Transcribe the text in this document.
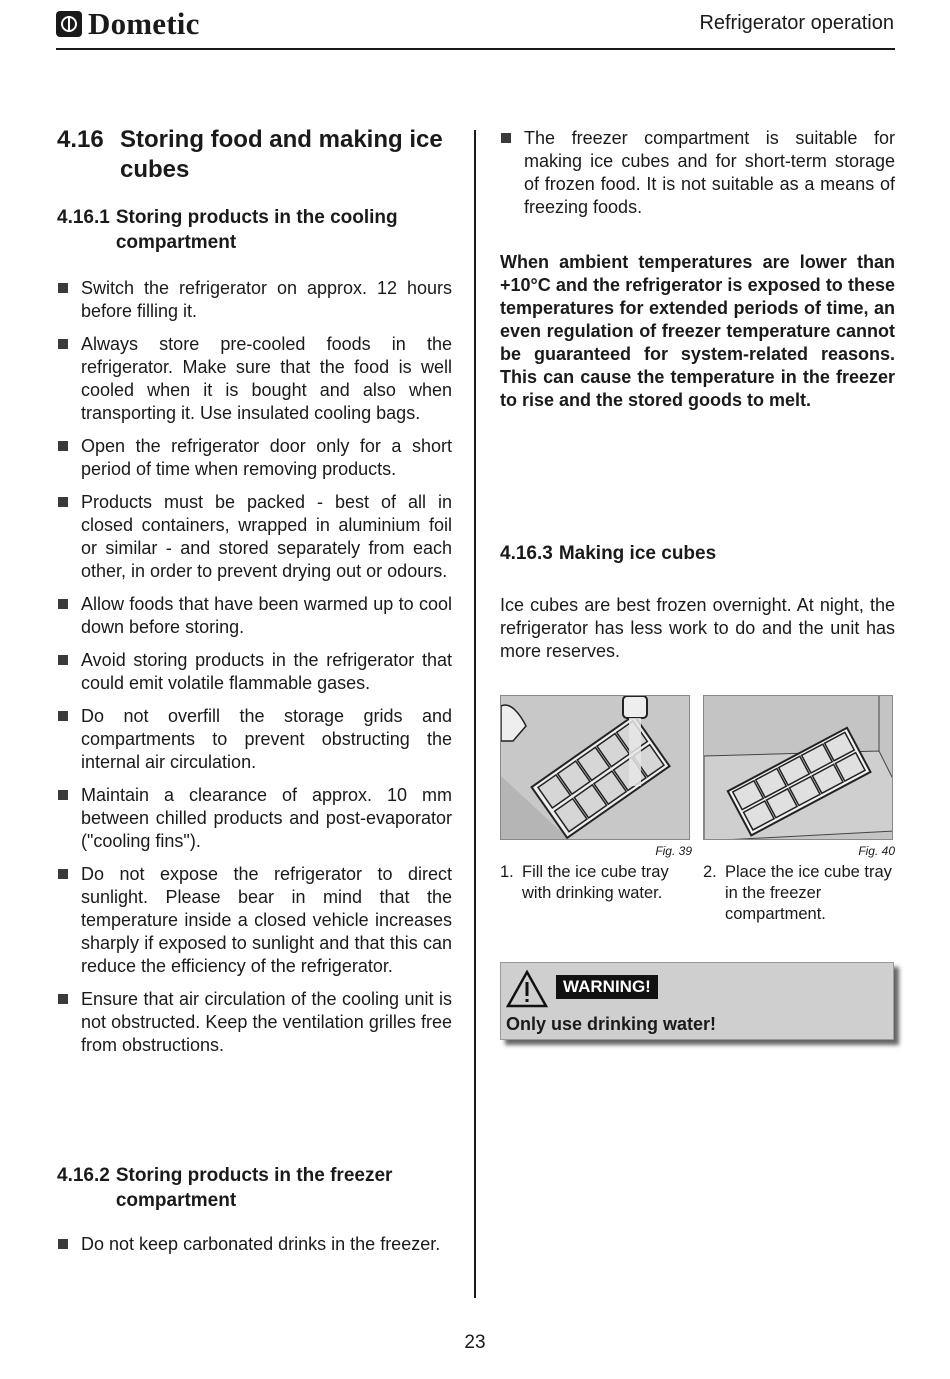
Dometic	Refrigerator operation
4.16 Storing food and making ice cubes
4.16.1 Storing products in the cooling compartment
Switch the refrigerator on approx. 12 hours before filling it.
Always store pre-cooled foods in the refrigerator. Make sure that the food is well cooled when it is bought and also when transporting it. Use insulated cooling bags.
Open the refrigerator door only for a short period of time when removing products.
Products must be packed - best of all in closed containers, wrapped in aluminium foil or similar - and stored separately from each other, in order to prevent drying out or odours.
Allow foods that have been warmed up to cool down before storing.
Avoid storing products in the refrigerator that could emit volatile flammable gases.
Do not overfill the storage grids and compartments to prevent obstructing the internal air circulation.
Maintain a clearance of approx. 10 mm between chilled products and post-evaporator ("cooling fins").
Do not expose the refrigerator to direct sunlight. Please bear in mind that the temperature inside a closed vehicle increases sharply if exposed to sunlight and that this can reduce the efficiency of the refrigerator.
Ensure that air circulation of the cooling unit is not obstructed. Keep the ventilation grilles free from obstructions.
4.16.2 Storing products in the freezer compartment
Do not keep carbonated drinks in the freezer.
The freezer compartment is suitable for making ice cubes and for short-term storage of frozen food. It is not suitable as a means of freezing foods.

When ambient temperatures are lower than +10°C and the refrigerator is exposed to these temperatures for extended periods of time, an even regulation of freezer temperature cannot be guaranteed for system-related reasons. This can cause the temperature in the freezer to rise and the stored goods to melt.

4.16.3 Making ice cubes

Ice cubes are best frozen overnight. At night, the refrigerator has less work to do and the unit has more reserves.

Fig. 39
1. Fill the ice cube tray with drinking water.
Fig. 40
2. Place the ice cube tray in the freezer compartment.
WARNING!
Only use drinking water!
23
